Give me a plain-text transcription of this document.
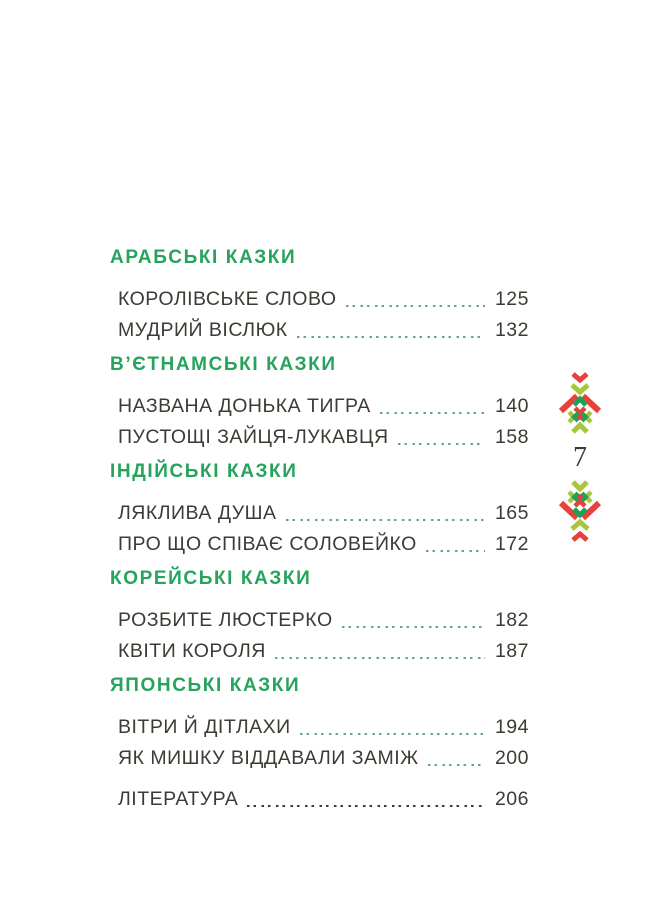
АРАБСЬКІ КАЗКИ
КОРОЛІВСЬКЕ СЛОВО	125
МУДРИЙ ВІСЛЮК	132
В’ЄТНАМСЬКІ КАЗКИ
НАЗВАНА ДОНЬКА ТИГРА	140
ПУСТОЩІ ЗАЙЦЯ-ЛУКАВЦЯ	158
ІНДІЙСЬКІ КАЗКИ
ЛЯКЛИВА ДУША	165
ПРО ЩО СПІВАЄ СОЛОВЕЙКО	172
КОРЕЙСЬКІ КАЗКИ
РОЗБИТЕ ЛЮСТЕРКО	182
КВІТИ КОРОЛЯ	187
ЯПОНСЬКІ КАЗКИ
ВІТРИ Й ДІТЛАХИ	194
ЯК МИШКУ ВІДДАВАЛИ ЗАМІЖ	200
ЛІТЕРАТУРА	206
7
